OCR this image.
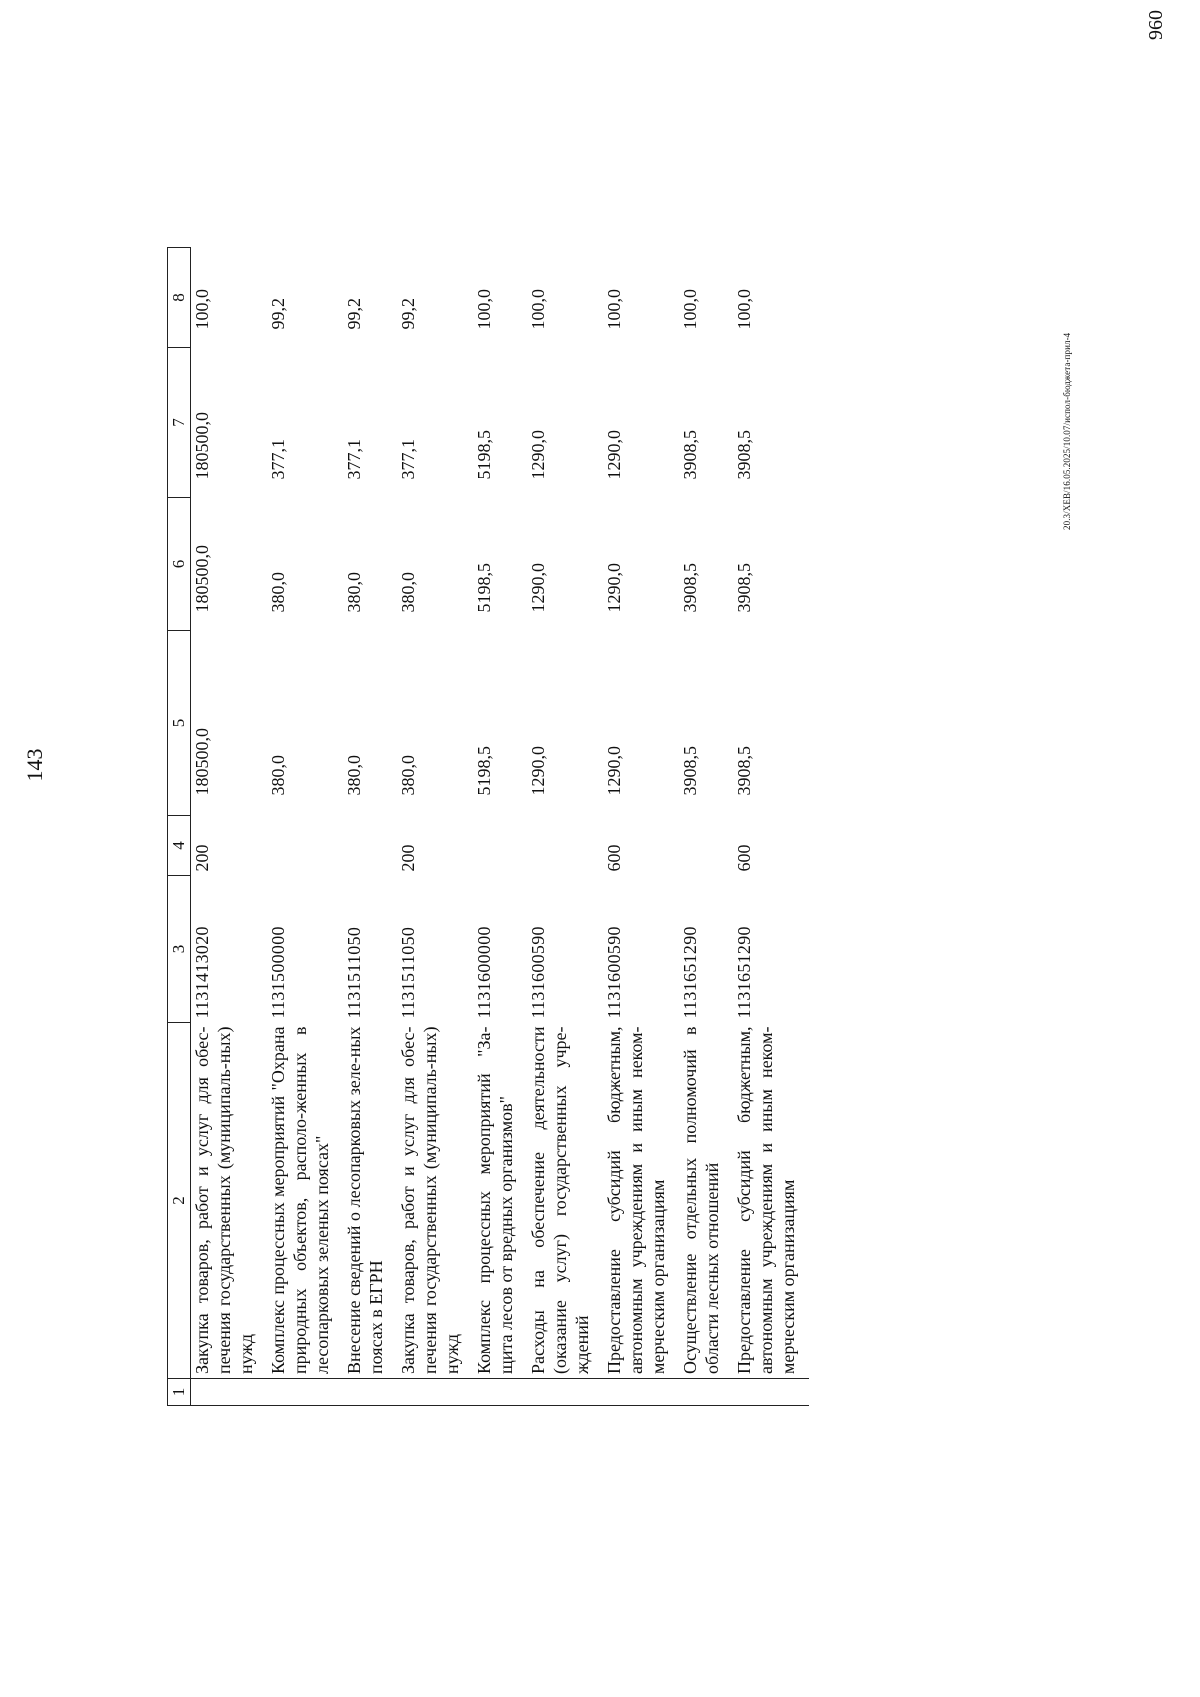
143
1	2	3	4	5	6	7	8
	Закупка товаров, работ и услуг для обес-печения государственных (муниципаль-ных) нужд	1131413020	200	180500,0	180500,0	180500,0	100,0
	Комплекс процессных мероприятий "Охрана природных объектов, располо-женных в лесопарковых зеленых поясах"	1131500000		380,0	380,0	377,1	99,2
	Внесение сведений о лесопарковых зеле-ных поясах в ЕГРН	1131511050		380,0	380,0	377,1	99,2
	Закупка товаров, работ и услуг для обес-печения государственных (муниципаль-ных) нужд	1131511050	200	380,0	380,0	377,1	99,2
	Комплекс процессных мероприятий "За-щита лесов от вредных организмов"	1131600000		5198,5	5198,5	5198,5	100,0
	Расходы на обеспечение деятельности (оказание услуг) государственных учре-ждений	1131600590		1290,0	1290,0	1290,0	100,0
	Предоставление субсидий бюджетным, автономным учреждениям и иным неком-мерческим организациям	1131600590	600	1290,0	1290,0	1290,0	100,0
	Осуществление отдельных полномочий в области лесных отношений	1131651290		3908,5	3908,5	3908,5	100,0
	Предоставление субсидий бюджетным, автономным учреждениям и иным неком-мерческим организациям	1131651290	600	3908,5	3908,5	3908,5	100,0
20.3/XEB/16.05.2025/10.07/испол-бюджета-прил-4
960
